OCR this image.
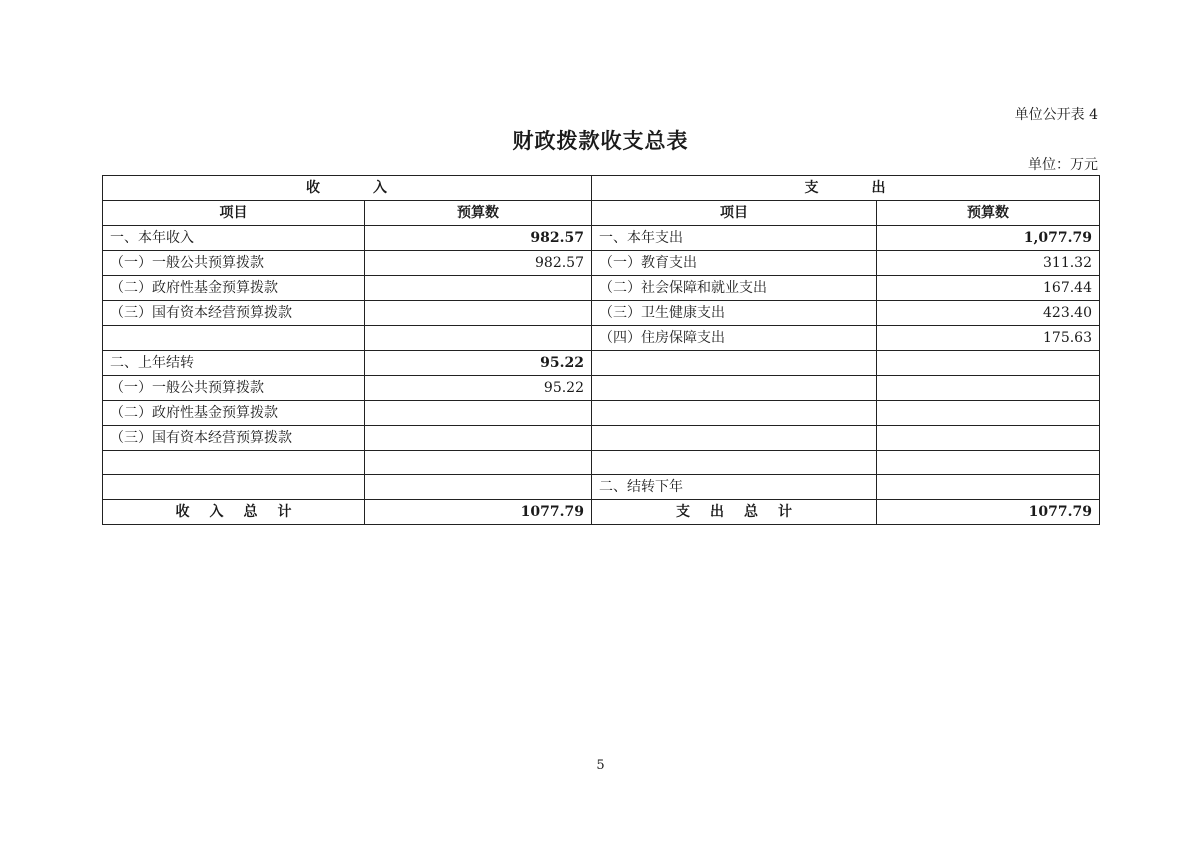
单位公开表 4
财政拨款收支总表
单位：万元
收 入		支 出	
项目	预算数	项目	预算数
一、本年收入	982.57	一、本年支出	1,077.79
（一）一般公共预算拨款	982.57	（一）教育支出	311.32
（二）政府性基金预算拨款		（二）社会保障和就业支出	167.44
（三）国有资本经营预算拨款		（三）卫生健康支出	423.40
		（四）住房保障支出	175.63
二、上年结转	95.22		
（一）一般公共预算拨款	95.22		
（二）政府性基金预算拨款			
（三）国有资本经营预算拨款			

		二、结转下年	
收 入 总 计	1077.79	支 出 总 计	1077.79
5
